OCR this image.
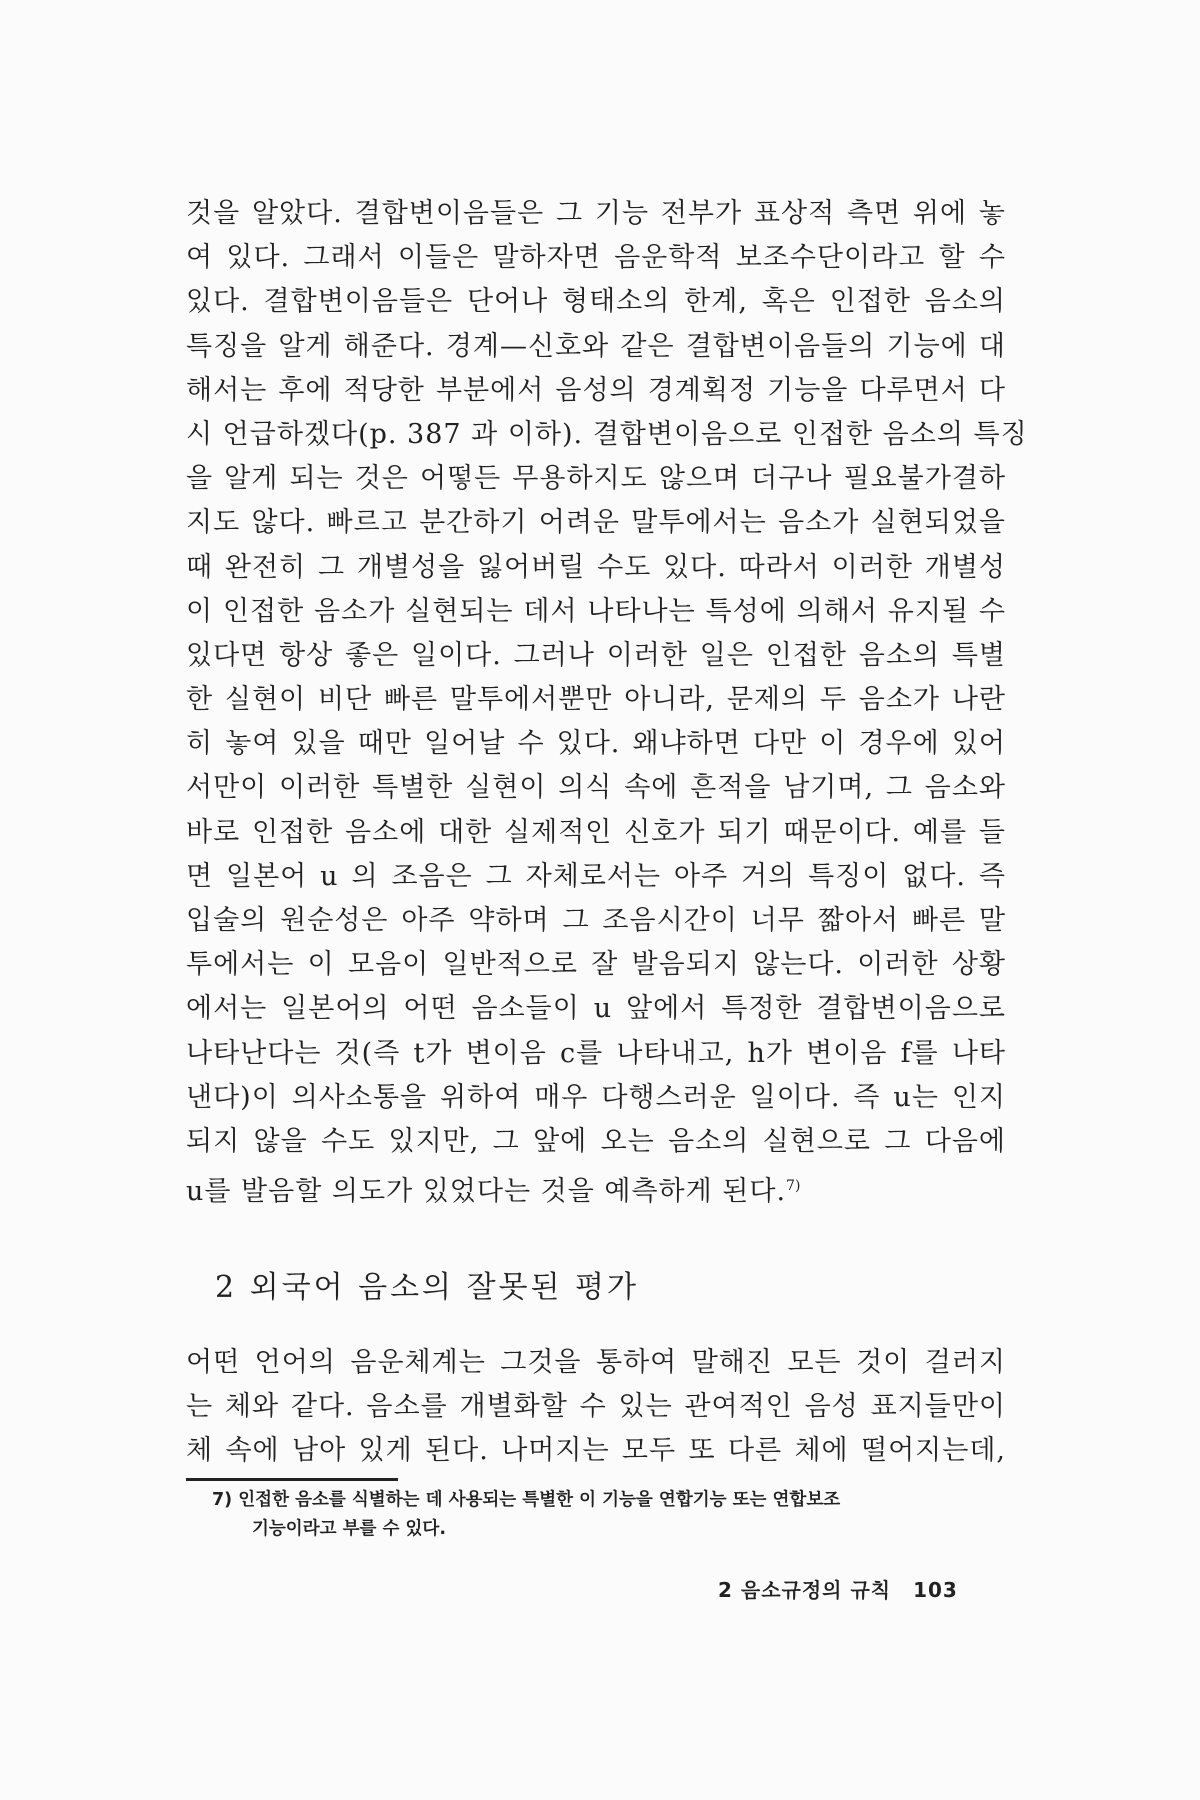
것을 알았다. 결합변이음들은 그 기능 전부가 표상적 측면 위에 놓
여 있다. 그래서 이들은 말하자면 음운학적 보조수단이라고 할 수
있다. 결합변이음들은 단어나 형태소의 한계, 혹은 인접한 음소의
특징을 알게 해준다. 경계—신호와 같은 결합변이음들의 기능에 대
해서는 후에 적당한 부분에서 음성의 경계획정 기능을 다루면서 다
시 언급하겠다(p. 387 과 이하). 결합변이음으로 인접한 음소의 특징
을 알게 되는 것은 어떻든 무용하지도 않으며 더구나 필요불가결하
지도 않다. 빠르고 분간하기 어려운 말투에서는 음소가 실현되었을
때 완전히 그 개별성을 잃어버릴 수도 있다. 따라서 이러한 개별성
이 인접한 음소가 실현되는 데서 나타나는 특성에 의해서 유지될 수
있다면 항상 좋은 일이다. 그러나 이러한 일은 인접한 음소의 특별
한 실현이 비단 빠른 말투에서뿐만 아니라, 문제의 두 음소가 나란
히 놓여 있을 때만 일어날 수 있다. 왜냐하면 다만 이 경우에 있어
서만이 이러한 특별한 실현이 의식 속에 흔적을 남기며, 그 음소와
바로 인접한 음소에 대한 실제적인 신호가 되기 때문이다. 예를 들
면 일본어 u 의 조음은 그 자체로서는 아주 거의 특징이 없다. 즉
입술의 원순성은 아주 약하며 그 조음시간이 너무 짧아서 빠른 말
투에서는 이 모음이 일반적으로 잘 발음되지 않는다. 이러한 상황
에서는 일본어의 어떤 음소들이 u 앞에서 특정한 결합변이음으로
나타난다는 것(즉 t가 변이음 c를 나타내고, h가 변이음 f를 나타
낸다)이 의사소통을 위하여 매우 다행스러운 일이다. 즉 u는 인지
되지 않을 수도 있지만, 그 앞에 오는 음소의 실현으로 그 다음에
u를 발음할 의도가 있었다는 것을 예측하게 된다.$^{7)}$
2 외국어 음소의 잘못된 평가
어떤 언어의 음운체계는 그것을 통하여 말해진 모든 것이 걸러지
는 체와 같다. 음소를 개별화할 수 있는 관여적인 음성 표지들만이
체 속에 남아 있게 된다. 나머지는 모두 또 다른 체에 떨어지는데,
7) 인접한 음소를 식별하는 데 사용되는 특별한 이 기능을 연합기능 또는 연합보조
기능이라고 부를 수 있다.
2 음소규정의 규칙 103
